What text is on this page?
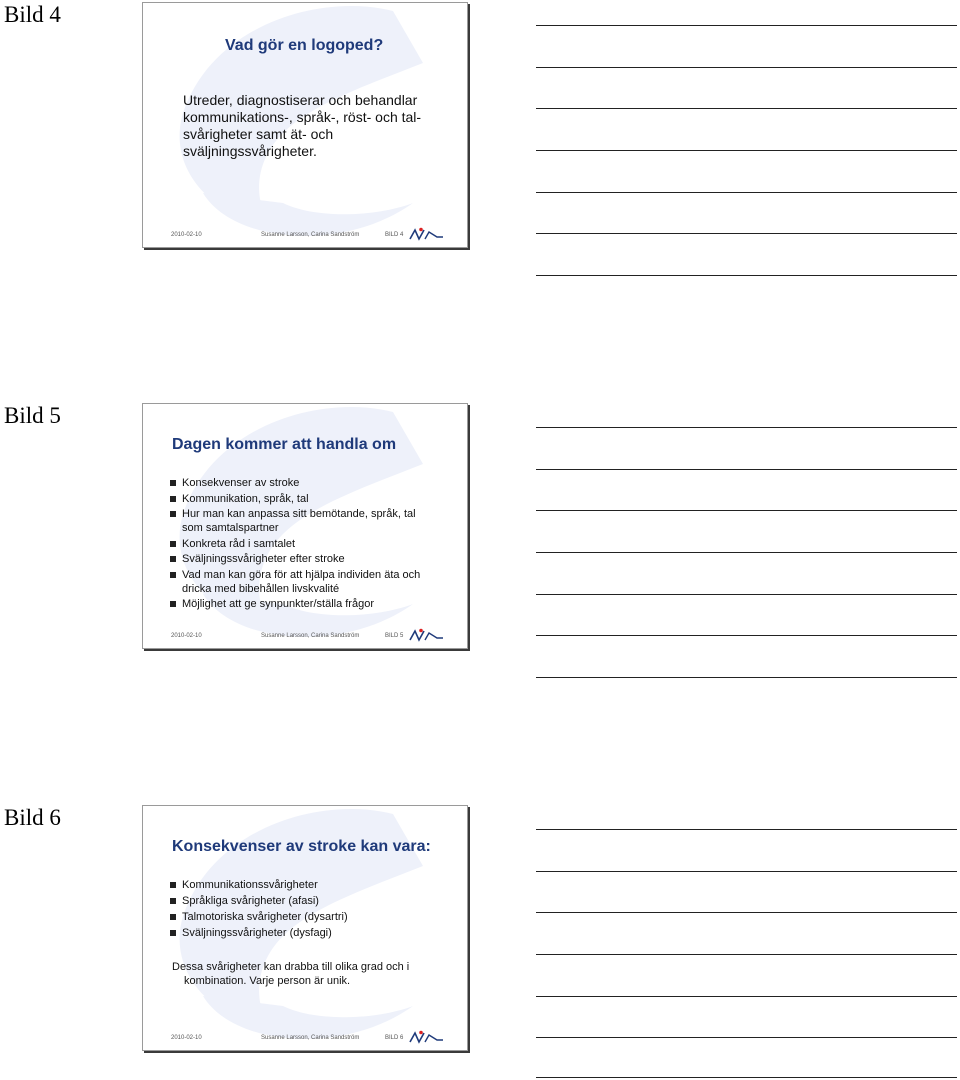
Bild 4
Vad gör en logoped?

Utreder, diagnostiserar och behandlar
kommunikations-, språk-, röst- och tal-
svårigheter samt ät- och
sväljningssvårigheter.

2010-02-10	Susanne Larsson, Carina Sandström	BILD 4
Bild 5
Dagen kommer att handla om
Konsekvenser av stroke
Kommunikation, språk, tal
Hur man kan anpassa sitt bemötande, språk, tal
som samtalspartner
Konkreta råd i samtalet
Sväljningssvårigheter efter stroke
Vad man kan göra för att hjälpa individen äta och
dricka med bibehållen livskvalité
Möjlighet att ge synpunkter/ställa frågor
2010-02-10	Susanne Larsson, Carina Sandström	BILD 5
Bild 6
Konsekvenser av stroke kan vara:
Kommunikationssvårigheter
Språkliga svårigheter (afasi)
Talmotoriska svårigheter (dysartri)
Sväljningssvårigheter (dysfagi)

Dessa svårigheter kan drabba till olika grad och i
kombination. Varje person är unik.

2010-02-10	Susanne Larsson, Carina Sandström	BILD 6
